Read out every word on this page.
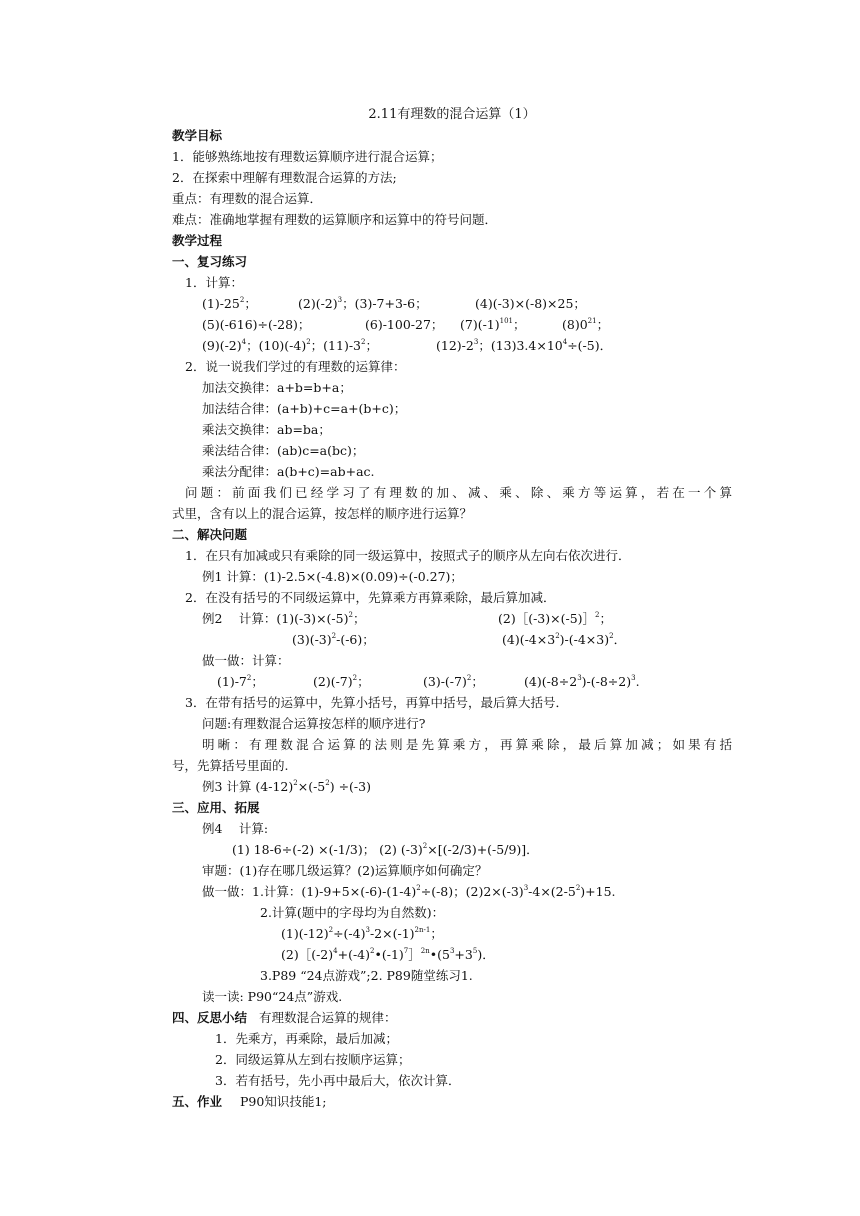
2.11有理数的混合运算（1）
教学目标
1．能够熟练地按有理数运算顺序进行混合运算；
2．在探索中理解有理数混合运算的方法;
重点：有理数的混合运算．
难点：准确地掌握有理数的运算顺序和运算中的符号问题．
教学过程
一、复习练习
1．计算：
$(1)-25^2$；	$(2)(-2)^3$；(3)-7+3-6；	(4)(-3)×(-8)×25；
(5)(-616)÷(-28)；	(6)-100-27； $(7)(-1)^{101}$；	$(8)0^{21}$；
$(9)(-2)^4$；$(10)(-4)^2$；$(11)-3^2$；	$(12)-2^3$；$(13)3.4\times 10^4\div(-5)$．
2．说一说我们学过的有理数的运算律：
加法交换律：a+b=b+a；
加法结合律：(a+b)+c=a+(b+c)；
乘法交换律：ab=ba；
乘法结合律：(ab)c=a(bc)；
乘法分配律：a(b+c)=ab+ac.
问题：前面我们已经学习了有理数的加、减、乘、除、乘方等运算，若在一个算
式里，含有以上的混合运算，按怎样的顺序进行运算？
二、解决问题
1．在只有加减或只有乘除的同一级运算中，按照式子的顺序从左向右依次进行．
例1 计算：(1)-2.5×(-4.8)×(0.09)÷(-0.27)；
2．在没有括号的不同级运算中，先算乘方再算乘除，最后算加减．
例2　 计算：$(1)(-3)\times(-5)^2$；	(2)［(-3)×(-5)］$^2$；
$(3)(-3)^2-(-6)$；	$(4)(-4\times 3^2)-(-4\times 3)^2$．
做一做：计算：
$(1)-7^2$；	$(2)(-7)^2$；	$(3)-(-7)^2$；	$(4)(-8\div 2^3)-(-8\div 2)^3$.
3．在带有括号的运算中，先算小括号，再算中括号，最后算大括号．
问题:有理数混合运算按怎样的顺序进行?
明晰：有理数混合运算的法则是先算乘方，再算乘除，最后算加减；如果有括
号，先算括号里面的.
例3 计算 $(4-12)^2\times(-5^2) \div(-3)$
三、应用、拓展
例4　 计算:
(1) 18-6÷(-2) ×(-1/3)； (2) $(-3)^2\times[(-2/3)+(-5/9)]$．
审题：(1)存在哪几级运算？(2)运算顺序如何确定？
做一做：1.计算：$(1)-9+5\times(-6)-(1-4)^2\div(-8)$；$(2)2\times(-3)^3-4\times(2-5^2)+15$.
2.计算(题中的字母均为自然数)：
$(1)(-12)^2\div(-4)^3-2\times(-1)^{2n-1}$；
$(2)[(-2)^4+(-4)^2•(-1)^7]^{2n}•(5^3+3^5)$．
3.P89 “24点游戏”;2. P89随堂练习1.
读一读: P90“24点”游戏.
四、反思小结 有理数混合运算的规律：
1．先乘方，再乘除，最后加减；
2．同级运算从左到右按顺序运算；
3．若有括号，先小再中最后大，依次计算．
五、作业 P90知识技能1;
